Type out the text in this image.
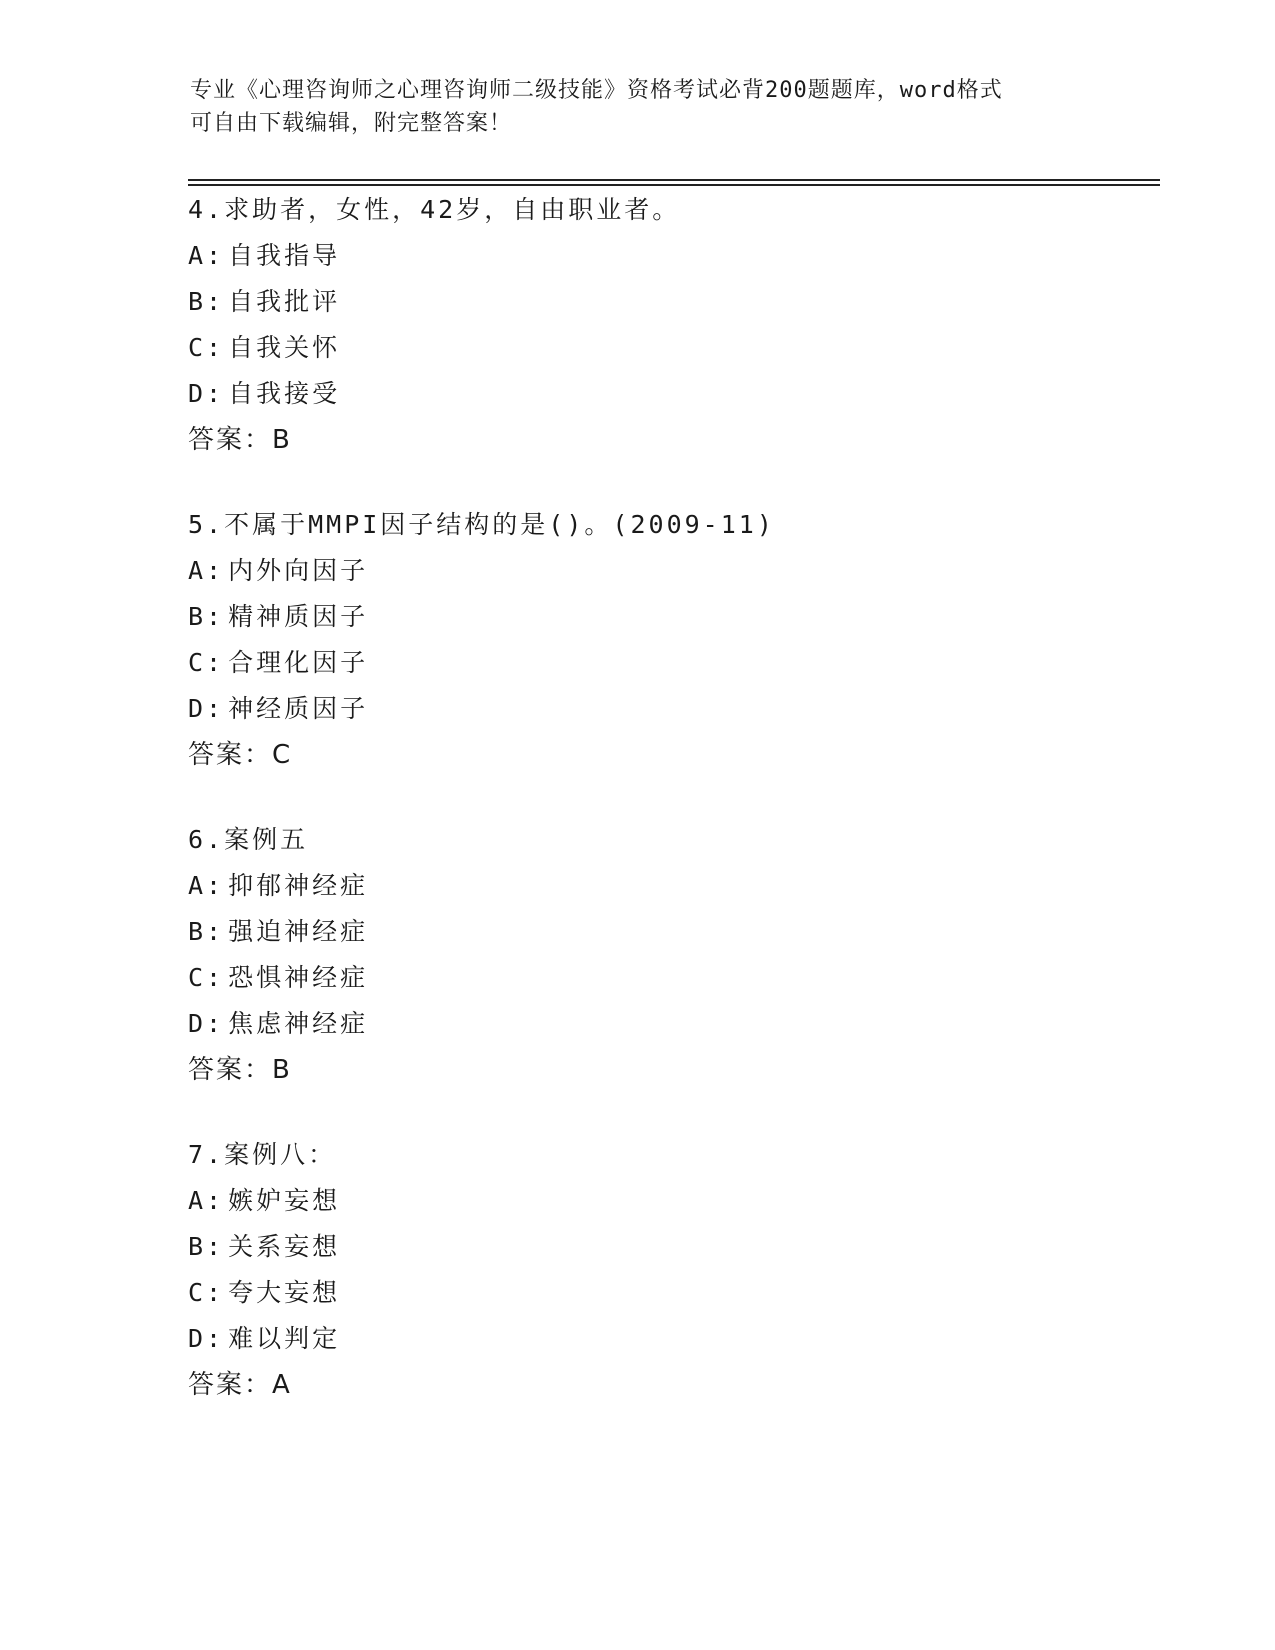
专业《心理咨询师之心理咨询师二级技能》资格考试必背200题题库，word格式
可自由下载编辑，附完整答案！
4.求助者，女性，42岁，自由职业者。
A: 自我指导
B: 自我批评
C: 自我关怀
D: 自我接受
答案：B
5.不属于MMPI因子结构的是()。(2009-11)
A: 内外向因子
B: 精神质因子
C: 合理化因子
D: 神经质因子
答案：C
6.案例五
A: 抑郁神经症
B: 强迫神经症
C: 恐惧神经症
D: 焦虑神经症
答案：B
7.案例八：
A: 嫉妒妄想
B: 关系妄想
C: 夸大妄想
D: 难以判定
答案：A
